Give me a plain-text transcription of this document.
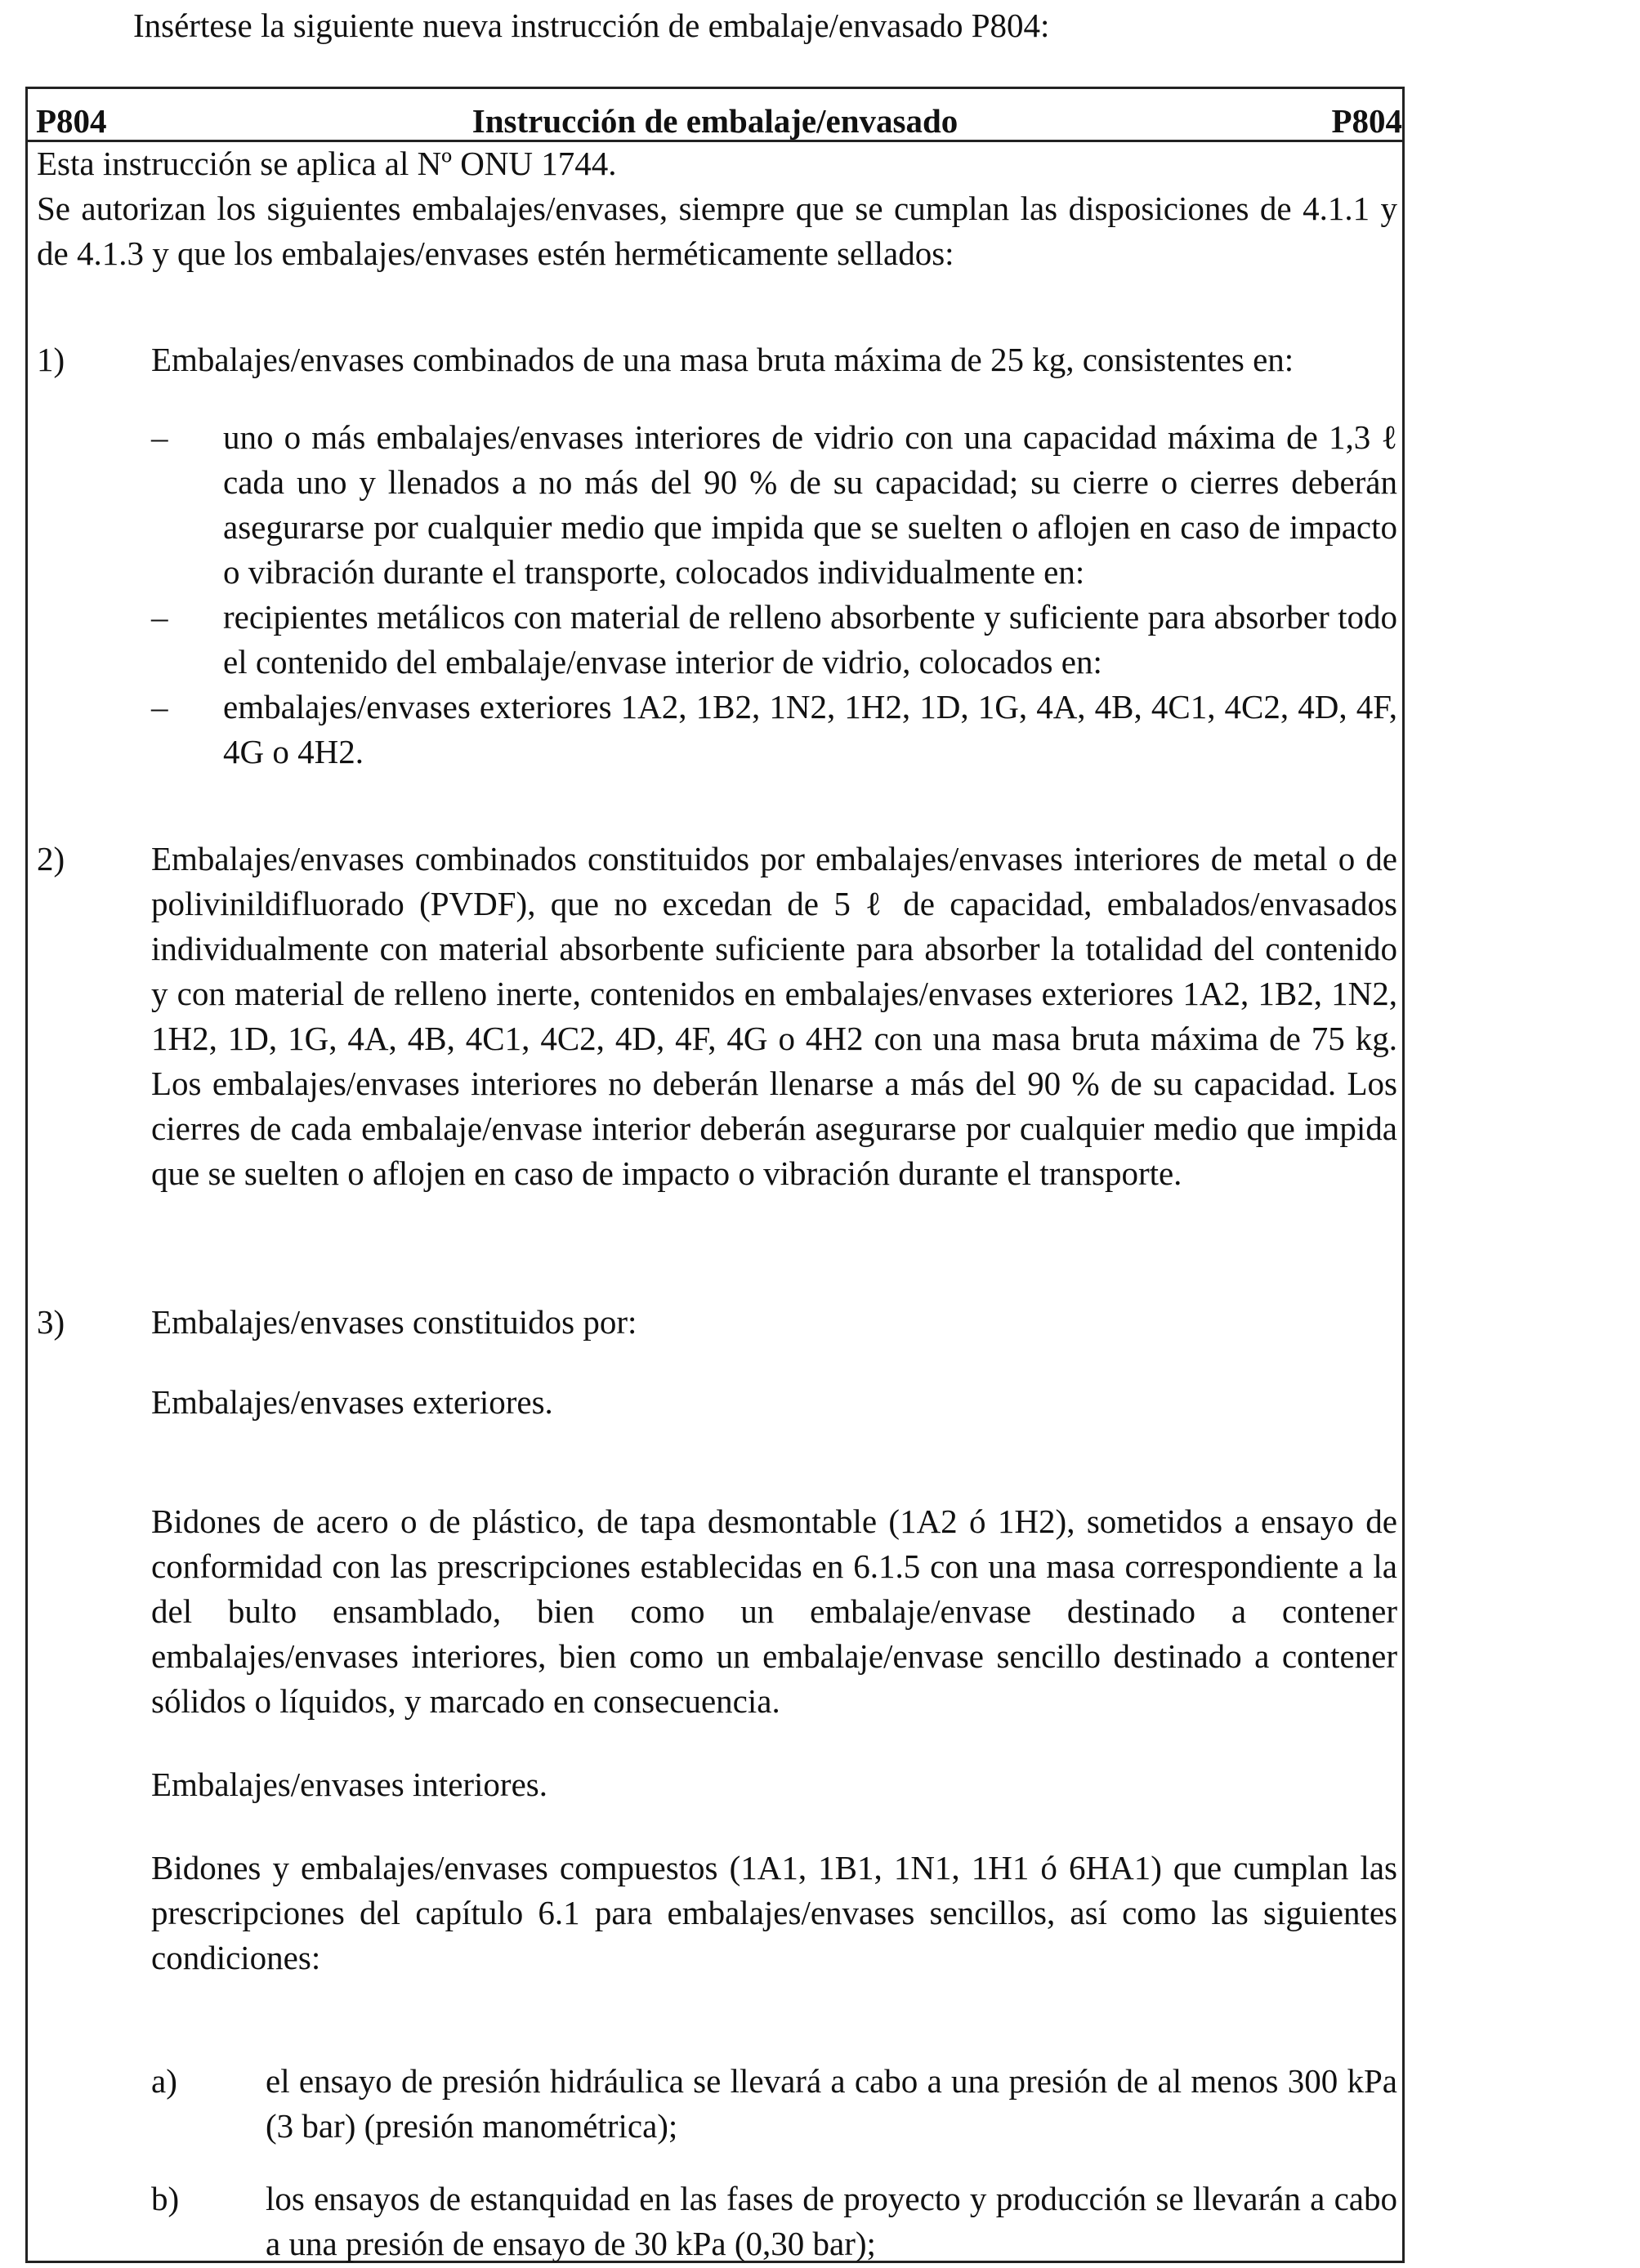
Insértese la siguiente nueva instrucción de embalaje/envasado P804:
P804	Instrucción de embalaje/envasado	P804

Esta instrucción se aplica al Nº ONU 1744.

Se autorizan los siguientes embalajes/envases, siempre que se cumplan las disposiciones de 4.1.1 y de 4.1.3 y que los embalajes/envases estén herméticamente sellados:

1)	Embalajes/envases combinados de una masa bruta máxima de 25 kg, consistentes en:

– uno o más embalajes/envases interiores de vidrio con una capacidad máxima de 1,3 ℓ cada uno y llenados a no más del 90 % de su capacidad; su cierre o cierres deberán asegurarse por cualquier medio que impida que se suelten o aflojen en caso de impacto o vibración durante el transporte, colocados individualmente en:
– recipientes metálicos con material de relleno absorbente y suficiente para absorber todo el contenido del embalaje/envase interior de vidrio, colocados en:
– embalajes/envases exteriores 1A2, 1B2, 1N2, 1H2, 1D, 1G, 4A, 4B, 4C1, 4C2, 4D, 4F, 4G o 4H2.
2)	Embalajes/envases combinados constituidos por embalajes/envases interiores de metal o de polivinildifluorado (PVDF), que no excedan de 5 ℓ de capacidad, embalados/envasados individualmente con material absorbente suficiente para absorber la totalidad del contenido y con material de relleno inerte, contenidos en embalajes/envases exteriores 1A2, 1B2, 1N2, 1H2, 1D, 1G, 4A, 4B, 4C1, 4C2, 4D, 4F, 4G o 4H2 con una masa bruta máxima de 75 kg. Los embalajes/envases interiores no deberán llenarse a más del 90 % de su capacidad. Los cierres de cada embalaje/envase interior deberán asegurarse por cualquier medio que impida que se suelten o aflojen en caso de impacto o vibración durante el transporte.

3)	Embalajes/envases constituidos por:

Embalajes/envases exteriores.

Bidones de acero o de plástico, de tapa desmontable (1A2 ó 1H2), sometidos a ensayo de conformidad con las prescripciones establecidas en 6.1.5 con una masa correspondiente a la del bulto ensamblado, bien como un embalaje/envase destinado a contener embalajes/envases interiores, bien como un embalaje/envase sencillo destinado a contener sólidos o líquidos, y marcado en consecuencia.

Embalajes/envases interiores.

Bidones y embalajes/envases compuestos (1A1, 1B1, 1N1, 1H1 ó 6HA1) que cumplan las prescripciones del capítulo 6.1 para embalajes/envases sencillos, así como las siguientes condiciones:

a)	el ensayo de presión hidráulica se llevará a cabo a una presión de al menos 300 kPa (3 bar) (presión manométrica);

b)	los ensayos de estanquidad en las fases de proyecto y producción se llevarán a cabo a una presión de ensayo de 30 kPa (0,30 bar);
